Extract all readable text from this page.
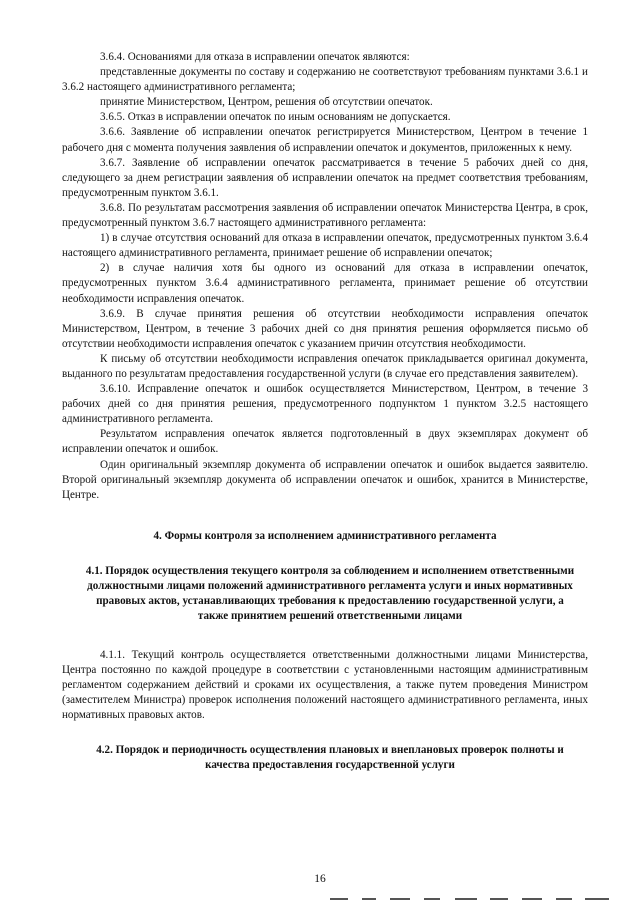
3.6.4. Основаниями для отказа в исправлении опечаток являются:

представленные документы по составу и содержанию не соответствуют требованиям пунктами 3.6.1 и 3.6.2 настоящего административного регламента;

принятие Министерством, Центром, решения об отсутствии опечаток.

3.6.5. Отказ в исправлении опечаток по иным основаниям не допускается.

3.6.6. Заявление об исправлении опечаток регистрируется Министерством, Центром в течение 1 рабочего дня с момента получения заявления об исправлении опечаток и документов, приложенных к нему.

3.6.7. Заявление об исправлении опечаток рассматривается в течение 5 рабочих дней со дня, следующего за днем регистрации заявления об исправлении опечаток на предмет соответствия требованиям, предусмотренным пунктом 3.6.1.

3.6.8. По результатам рассмотрения заявления об исправлении опечаток Министерства Центра, в срок, предусмотренный пунктом 3.6.7 настоящего административного регламента:

1) в случае отсутствия оснований для отказа в исправлении опечаток, предусмотренных пунктом 3.6.4 настоящего административного регламента, принимает решение об исправлении опечаток;

2) в случае наличия хотя бы одного из оснований для отказа в исправлении опечаток, предусмотренных пунктом 3.6.4 административного регламента, принимает решение об отсутствии необходимости исправления опечаток.

3.6.9. В случае принятия решения об отсутствии необходимости исправления опечаток Министерством, Центром, в течение 3 рабочих дней со дня принятия решения оформляется письмо об отсутствии необходимости исправления опечаток с указанием причин отсутствия необходимости.

К письму об отсутствии необходимости исправления опечаток прикладывается оригинал документа, выданного по результатам предоставления государственной услуги (в случае его представления заявителем).

3.6.10. Исправление опечаток и ошибок осуществляется Министерством, Центром, в течение 3 рабочих дней со дня принятия решения, предусмотренного подпунктом 1 пунктом 3.2.5 настоящего административного регламента.

Результатом исправления опечаток является подготовленный в двух экземплярах документ об исправлении опечаток и ошибок.

Один оригинальный экземпляр документа об исправлении опечаток и ошибок выдается заявителю. Второй оригинальный экземпляр документа об исправлении опечаток и ошибок, хранится в Министерстве, Центре.

4. Формы контроля за исполнением административного регламента
4.1. Порядок осуществления текущего контроля за соблюдением и исполнением ответственными должностными лицами положений административного регламента услуги и иных нормативных правовых актов, устанавливающих требования к предоставлению государственной услуги, а также принятием решений ответственными лицами

4.1.1. Текущий контроль осуществляется ответственными должностными лицами Министерства, Центра постоянно по каждой процедуре в соответствии с установленными настоящим административным регламентом содержанием действий и сроками их осуществления, а также путем проведения Министром (заместителем Министра) проверок исполнения положений настоящего административного регламента, иных нормативных правовых актов.

4.2. Порядок и периодичность осуществления плановых и внеплановых проверок полноты и качества предоставления государственной услуги
16
